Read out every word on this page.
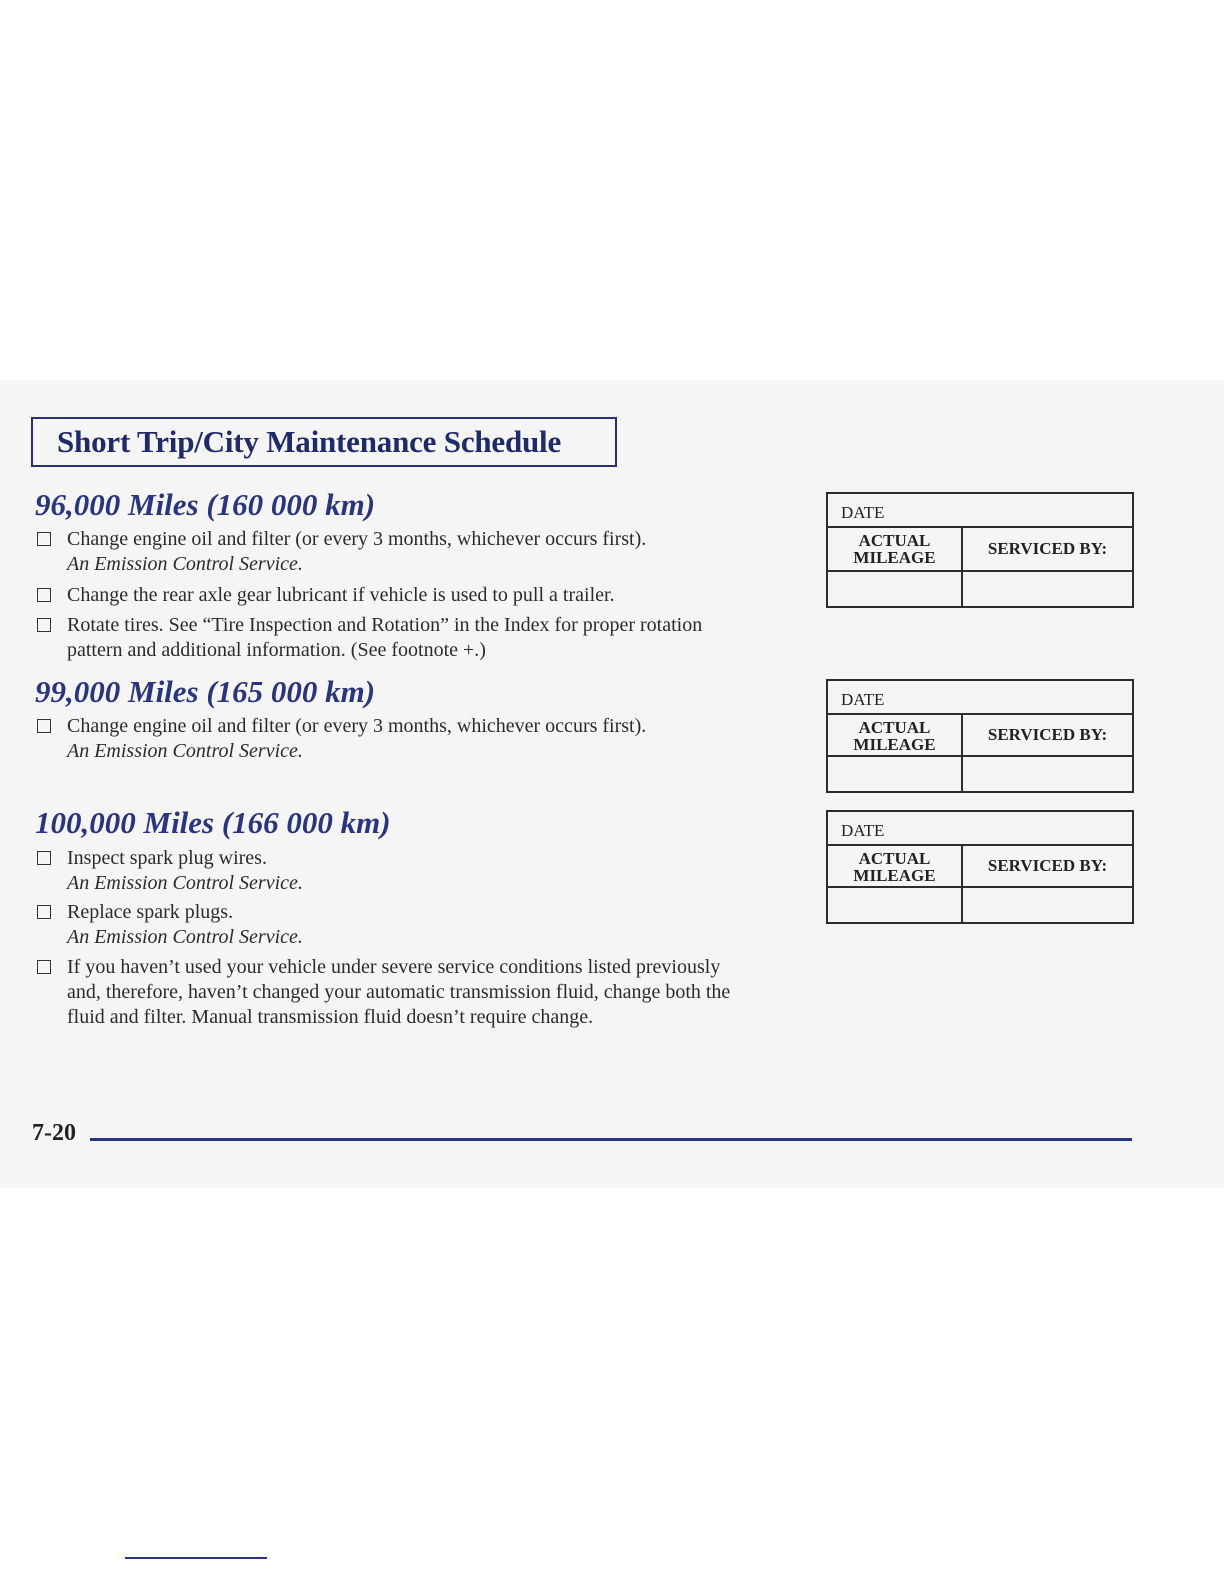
Short Trip/City Maintenance Schedule
96,000 Miles (160 000 km)
Change engine oil and filter (or every 3 months, whichever occurs first).
An Emission Control Service.
Change the rear axle gear lubricant if vehicle is used to pull a trailer.
Rotate tires. See “Tire Inspection and Rotation” in the Index for proper rotation pattern and additional information. (See footnote +.)
DATE
ACTUAL
MILEAGE	SERVICED BY:
99,000 Miles (165 000 km)
Change engine oil and filter (or every 3 months, whichever occurs first).
An Emission Control Service.
DATE
ACTUAL
MILEAGE
SERVICED BY:
100,000 Miles (166 000 km)
Inspect spark plug wires.
An Emission Control Service.
Replace spark plugs.
An Emission Control Service.
If you haven’t used your vehicle under severe service conditions listed previously and, therefore, haven’t changed your automatic transmission fluid, change both the fluid and filter. Manual transmission fluid doesn’t require change.
DATE
ACTUAL
MILEAGE
SERVICED BY:
7-20
